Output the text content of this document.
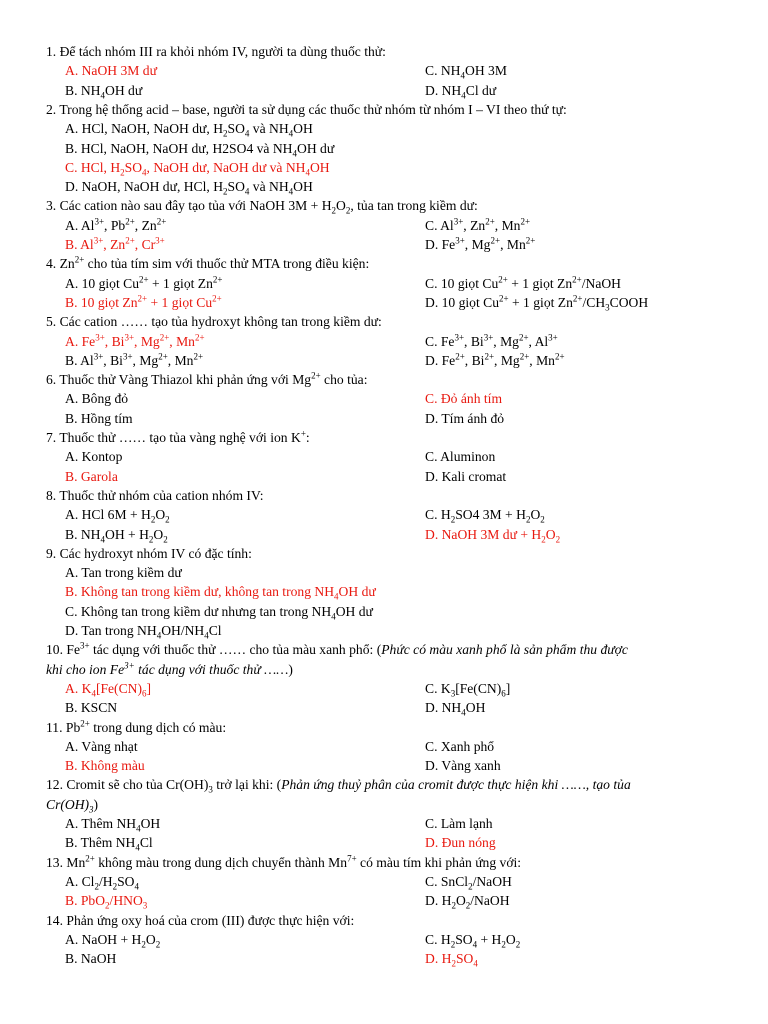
1. Để tách nhóm III ra khỏi nhóm IV, người ta dùng thuốc thử:
A. NaOH 3M dư	C. $NH_4OH$ 3M
B. $NH_4OH$ dư	D. $NH_4Cl$ dư
2. Trong hệ thống acid – base, người ta sử dụng các thuốc thử nhóm từ nhóm I – VI theo thứ tự:
A. HCl, NaOH, NaOH dư, $H_2SO_4$ và $NH_4OH$
B. HCl, NaOH, NaOH dư, H2SO4 và $NH_4OH$ dư
C. HCl, $H_2SO_4$, NaOH dư, NaOH dư và $NH_4OH$
D. NaOH, NaOH dư, HCl, $H_2SO_4$ và $NH_4OH$
3. Các cation nào sau đây tạo tủa với NaOH $3M + H_2O_2$, tủa tan trong kiềm dư:
A. $Al^{3+}$, $Pb^{2+}$, $Zn^{2+}$	C. $Al^{3+}$, $Zn^{2+}$, $Mn^{2+}$
B. $Al^{3+}$, $Zn^{2+}$, $Cr^{3+}$	D. $Fe^{3+}$, $Mg^{2+}$, $Mn^{2+}$
4. $Zn^{2+}$ cho tủa tím sim với thuốc thử MTA trong điều kiện:
A. 10 giọt $Cu^{2+} + 1$ giọt $Zn^{2+}$	C. 10 giọt $Cu^{2+} + 1$ giọt $Zn^{2+}$/NaOH
B. 10 giọt $Zn^{2+} + 1$ giọt $Cu^{2+}$	D. 10 giọt $Cu^{2+} + 1$ giọt $Zn^{2+}/CH_3COOH$
5. Các cation …… tạo tủa hydroxyt không tan trong kiềm dư:
A. $Fe^{3+}$, $Bi^{3+}$, $Mg^{2+}$, $Mn^{2+}$	C. $Fe^{3+}$, $Bi^{3+}$, $Mg^{2+}$, $Al^{3+}$
B. $Al^{3+}$, $Bi^{3+}$, $Mg^{2+}$, $Mn^{2+}$	D. $Fe^{2+}$, $Bi^{2+}$, $Mg^{2+}$, $Mn^{2+}$
6. Thuốc thử Vàng Thiazol khi phản ứng với $Mg^{2+}$ cho tủa:
A. Bông đỏ	C. Đỏ ánh tím
B. Hồng tím	D. Tím ánh đỏ
7. Thuốc thử …… tạo tủa vàng nghệ với ion K+:
A. Kontop	C. Aluminon
B. Garola	D. Kali cromat
8. Thuốc thử nhóm của cation nhóm IV:
A. HCl $6M + H_2O_2$	C. $H_2SO4$ $3M + H_2O_2$
B. $NH_4OH + H_2O_2$	D. NaOH 3M dư + $H_2O_2$
9. Các hydroxyt nhóm IV có đặc tính:
A. Tan trong kiềm dư
B. Không tan trong kiềm dư, không tan trong $NH_4OH$ dư
C. Không tan trong kiềm dư nhưng tan trong $NH_4OH$ dư
D. Tan trong $NH_4OH/NH_4Cl$
10. $Fe^{3+}$ tác dụng với thuốc thử …… cho tủa màu xanh phổ: (Phức có màu xanh phổ là sản phẩm thu được
khi cho ion $Fe^{3+}$ tác dụng với thuốc thử ……)
A. $K_4[Fe(CN)_6]$	C. $K_3[Fe(CN)_6]$
B. KSCN	D. $NH_4OH$
11. $Pb^{2+}$ trong dung dịch có màu:
A. Vàng nhạt	C. Xanh phổ
B. Không màu	D. Vàng xanh
12. Cromit sẽ cho tủa $Cr(OH)_3$ trở lại khi: (Phản ứng thuỷ phân của cromit được thực hiện khi ……, tạo tủa
$Cr(OH)_3$)
A. Thêm $NH_4OH$	C. Làm lạnh
B. Thêm $NH_4Cl$	D. Đun nóng
13. $Mn^{2+}$ không màu trong dung dịch chuyển thành $Mn^{7+}$ có màu tím khi phản ứng với:
A. $Cl_2/H_2SO_4$	C. SnCl$_2$/NaOH
B. $PbO_2/HNO_3$	D. $H_2O_2$/NaOH
14. Phản ứng oxy hoá của crom (III) được thực hiện với:
A. NaOH + $H_2O_2$	C. $H_2SO_4 + H_2O_2$
B. NaOH	D. $H_2SO_4$
